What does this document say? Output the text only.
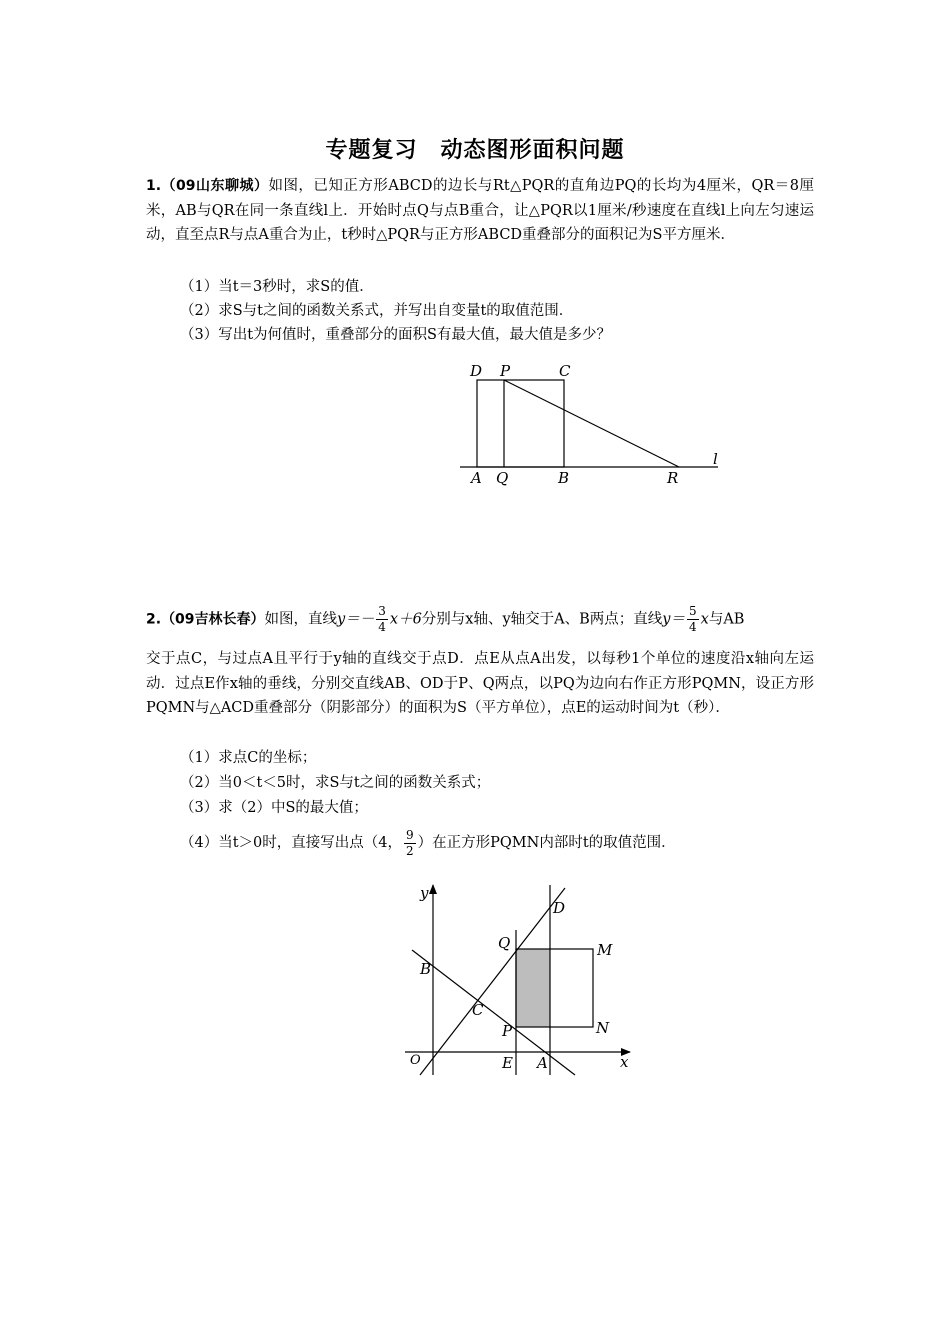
专题复习　动态图形面积问题
1.（09山东聊城）如图，已知正方形ABCD的边长与Rt△PQR的直角边PQ的长均为4厘米，QR＝8厘米，AB与QR在同一条直线l上．开始时点Q与点B重合，让△PQR以1厘米/秒速度在直线l上向左匀速运动，直至点R与点A重合为止，t秒时△PQR与正方形ABCD重叠部分的面积记为S平方厘米．
（1）当t＝3秒时，求S的值．
（2）求S与t之间的函数关系式，并写出自变量t的取值范围．
（3）写出t为何值时，重叠部分的面积S有最大值，最大值是多少？
D P	C
A Q	B	R
l
2.（09吉林长春）如图，直线$y=- \frac{3}{4} x+6$分别与x轴、y轴交于A、B两点；直线$y= \frac{5}{4}$ x与AB
交于点C，与过点A且平行于y轴的直线交于点D．点E从点A出发，以每秒1个单位的速度沿x轴向左运动．过点E作x轴的垂线，分别交直线AB、OD于P、Q两点，以PQ为边向右作正方形PQMN，设正方形PQMN与△ACD重叠部分（阴影部分）的面积为S（平方单位），点E的运动时间为t（秒）．
（1）求点C的坐标；
（2）当0＜t＜5时，求S与t之间的函数关系式；
（3）求（2）中S的最大值；
（4）当t＞0时，直接写出点（4， $\frac{9}{2}$ ）在正方形PQMN内部时t的取值范围．
y
x
O
D
Q	M
B
C
P	N
E A
